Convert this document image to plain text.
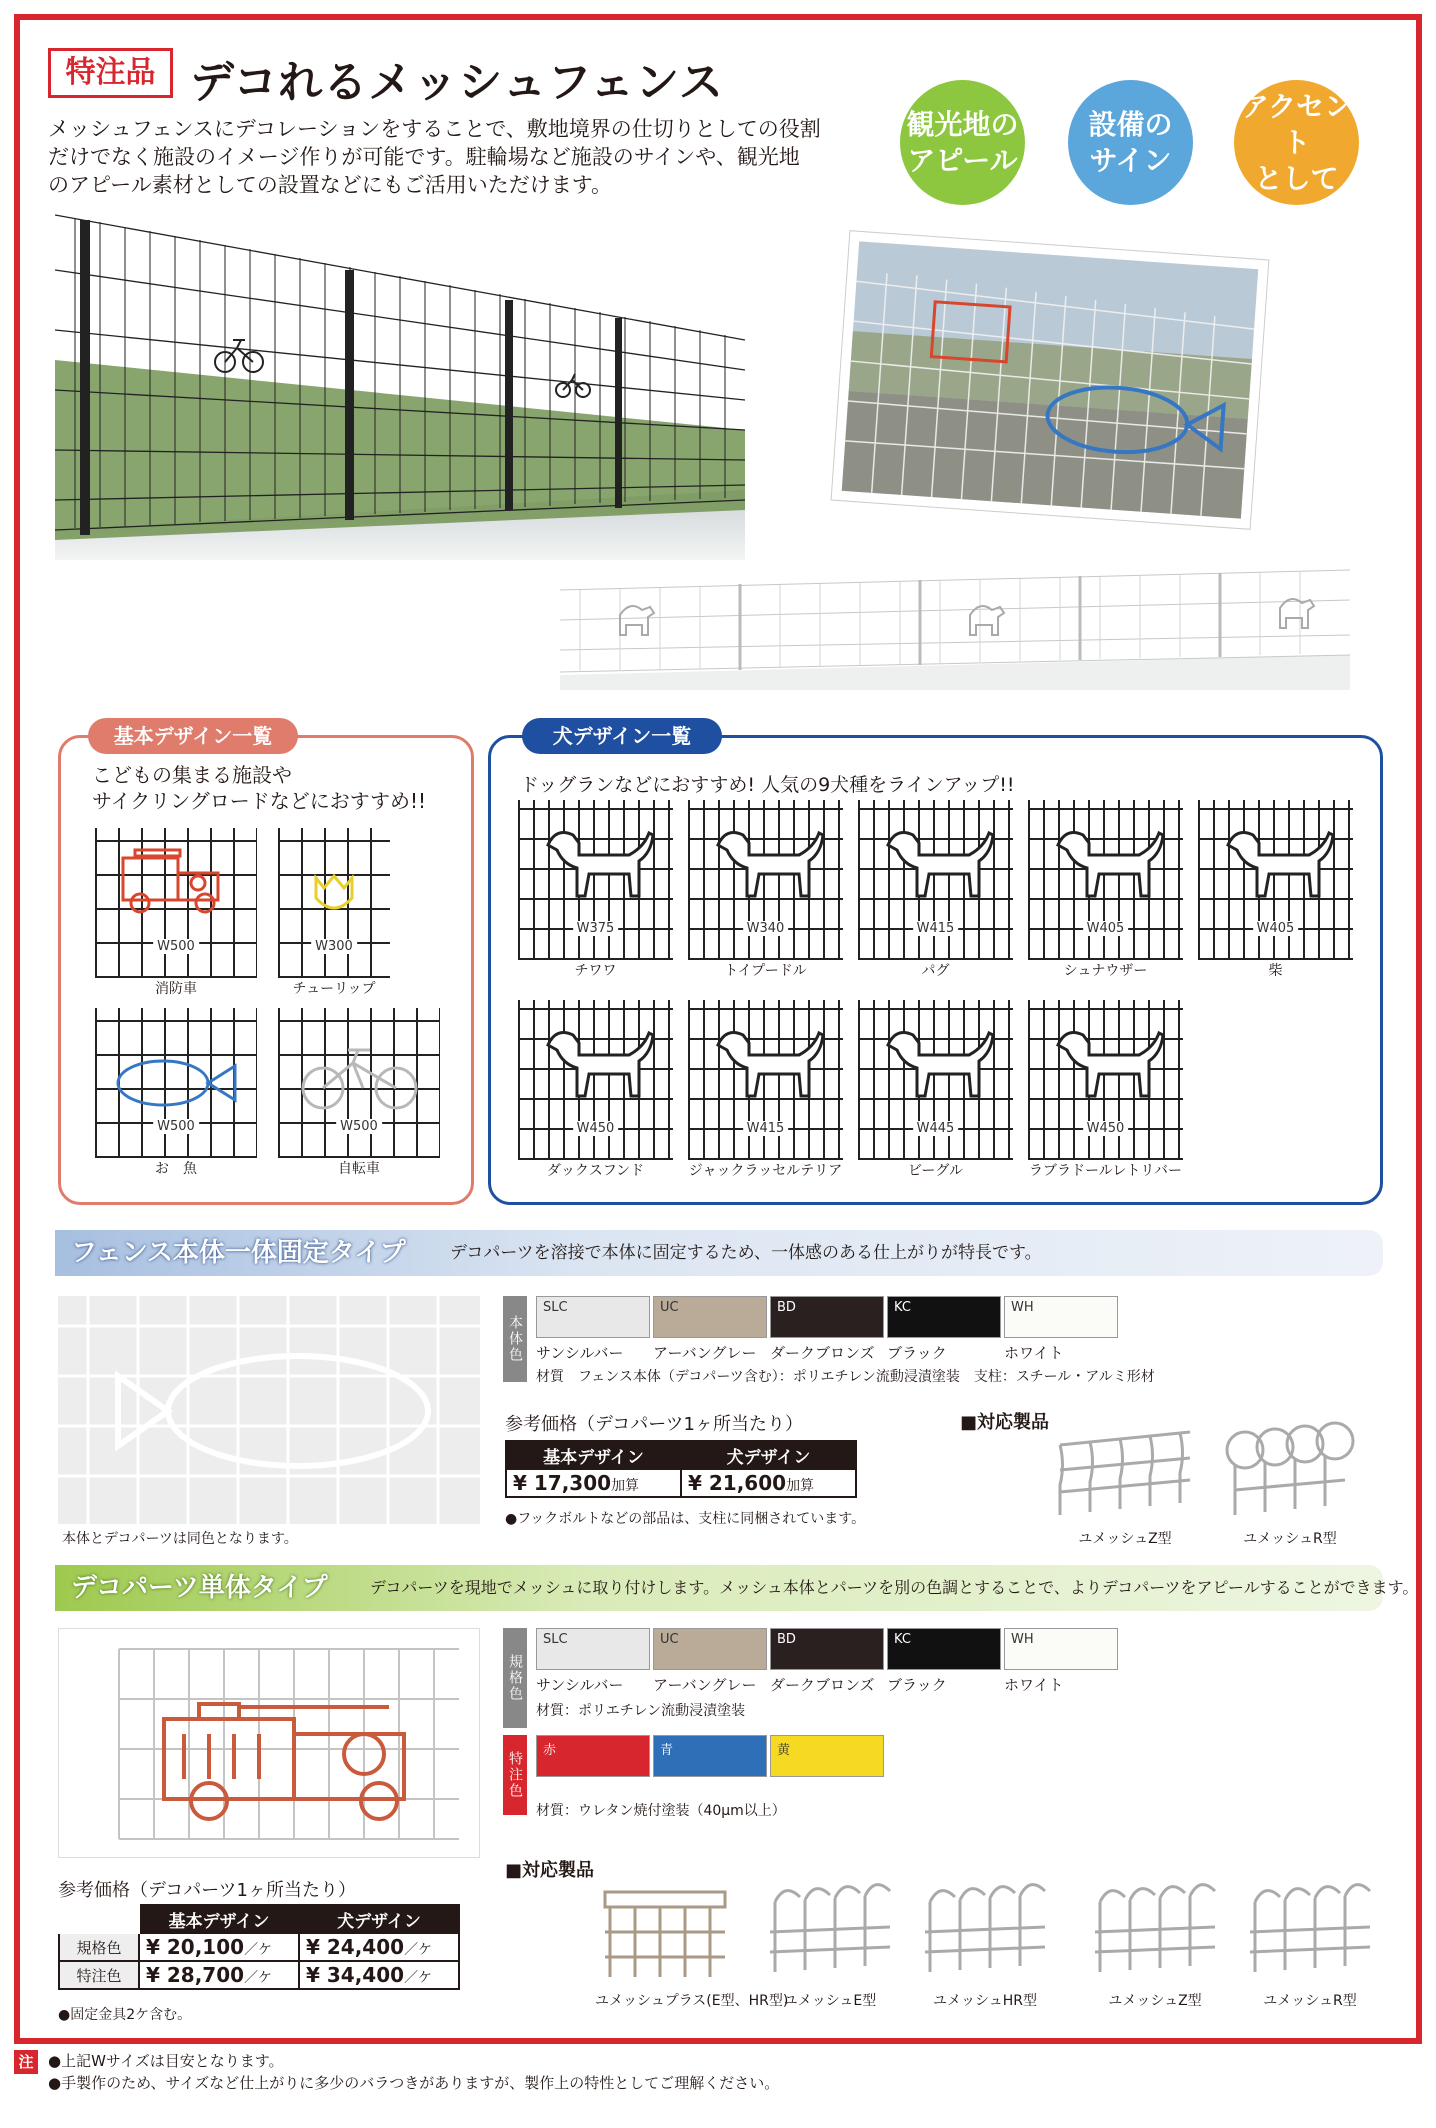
特注品 デコれるメッシュフェンス
メッシュフェンスにデコレーションをすることで、敷地境界の仕切りとしての役割
だけでなく施設のイメージ作りが可能です。駐輪場など施設のサインや、観光地
のアピール素材としての設置などにもご活用いただけます。
観光地の
アピール
設備の
サイン
アクセント
として
基本デザイン一覧
こどもの集まる施設や
サイクリングロードなどにおすすめ!!
W500
消防車
W300
チューリップ
W500
お　魚
W500
自転車
犬デザイン一覧
ドッグランなどにおすすめ! 人気の9犬種をラインアップ!!
W375
チワワ
W340
トイプードル
W415
パグ
W405
シュナウザー
W405
柴
W450
ダックスフンド
W415
ジャックラッセルテリア
W445
ビーグル
W450
ラブラドールレトリバー
フェンス本体一体固定タイプ	デコパーツを溶接で本体に固定するため、一体感のある仕上がりが特長です。
本体とデコパーツは同色となります。
本体色
SLC
サンシルバー
UC
アーバングレー
BD
ダークブロンズ
KC
ブラック
WH
ホワイト
材質　フェンス本体（デコパーツ含む）：ポリエチレン流動浸漬塗装　支柱：スチール・アルミ形材
参考価格（デコパーツ1ヶ所当たり）
基本デザイン	犬デザイン
¥ 17,300加算	¥ 21,600加算
●フックボルトなどの部品は、支柱に同梱されています。
■対応製品
ユメッシュZ型	ユメッシュR型
デコパーツ単体タイプ	デコパーツを現地でメッシュに取り付けします。メッシュ本体とパーツを別の色調とすることで、よりデコパーツをアピールすることができます。
規格色
SLC
サンシルバー
UC
アーバングレー
BD
ダークブロンズ
KC
ブラック
WH
ホワイト
材質：ポリエチレン流動浸漬塗装
特注色
赤	青	黄
材質：ウレタン焼付塗装（40μm以上）
参考価格（デコパーツ1ヶ所当たり）
	基本デザイン	犬デザイン
規格色	¥ 20,100／ケ	¥ 24,400／ケ
特注色	¥ 28,700／ケ	¥ 34,400／ケ
●固定金具2ケ含む。
■対応製品
ユメッシュプラス(E型、HR型)
ユメッシュE型	ユメッシュHR型	ユメッシュZ型	ユメッシュR型
注 ●上記Wサイズは目安となります。
●手製作のため、サイズなど仕上がりに多少のバラつきがありますが、製作上の特性としてご理解ください。
